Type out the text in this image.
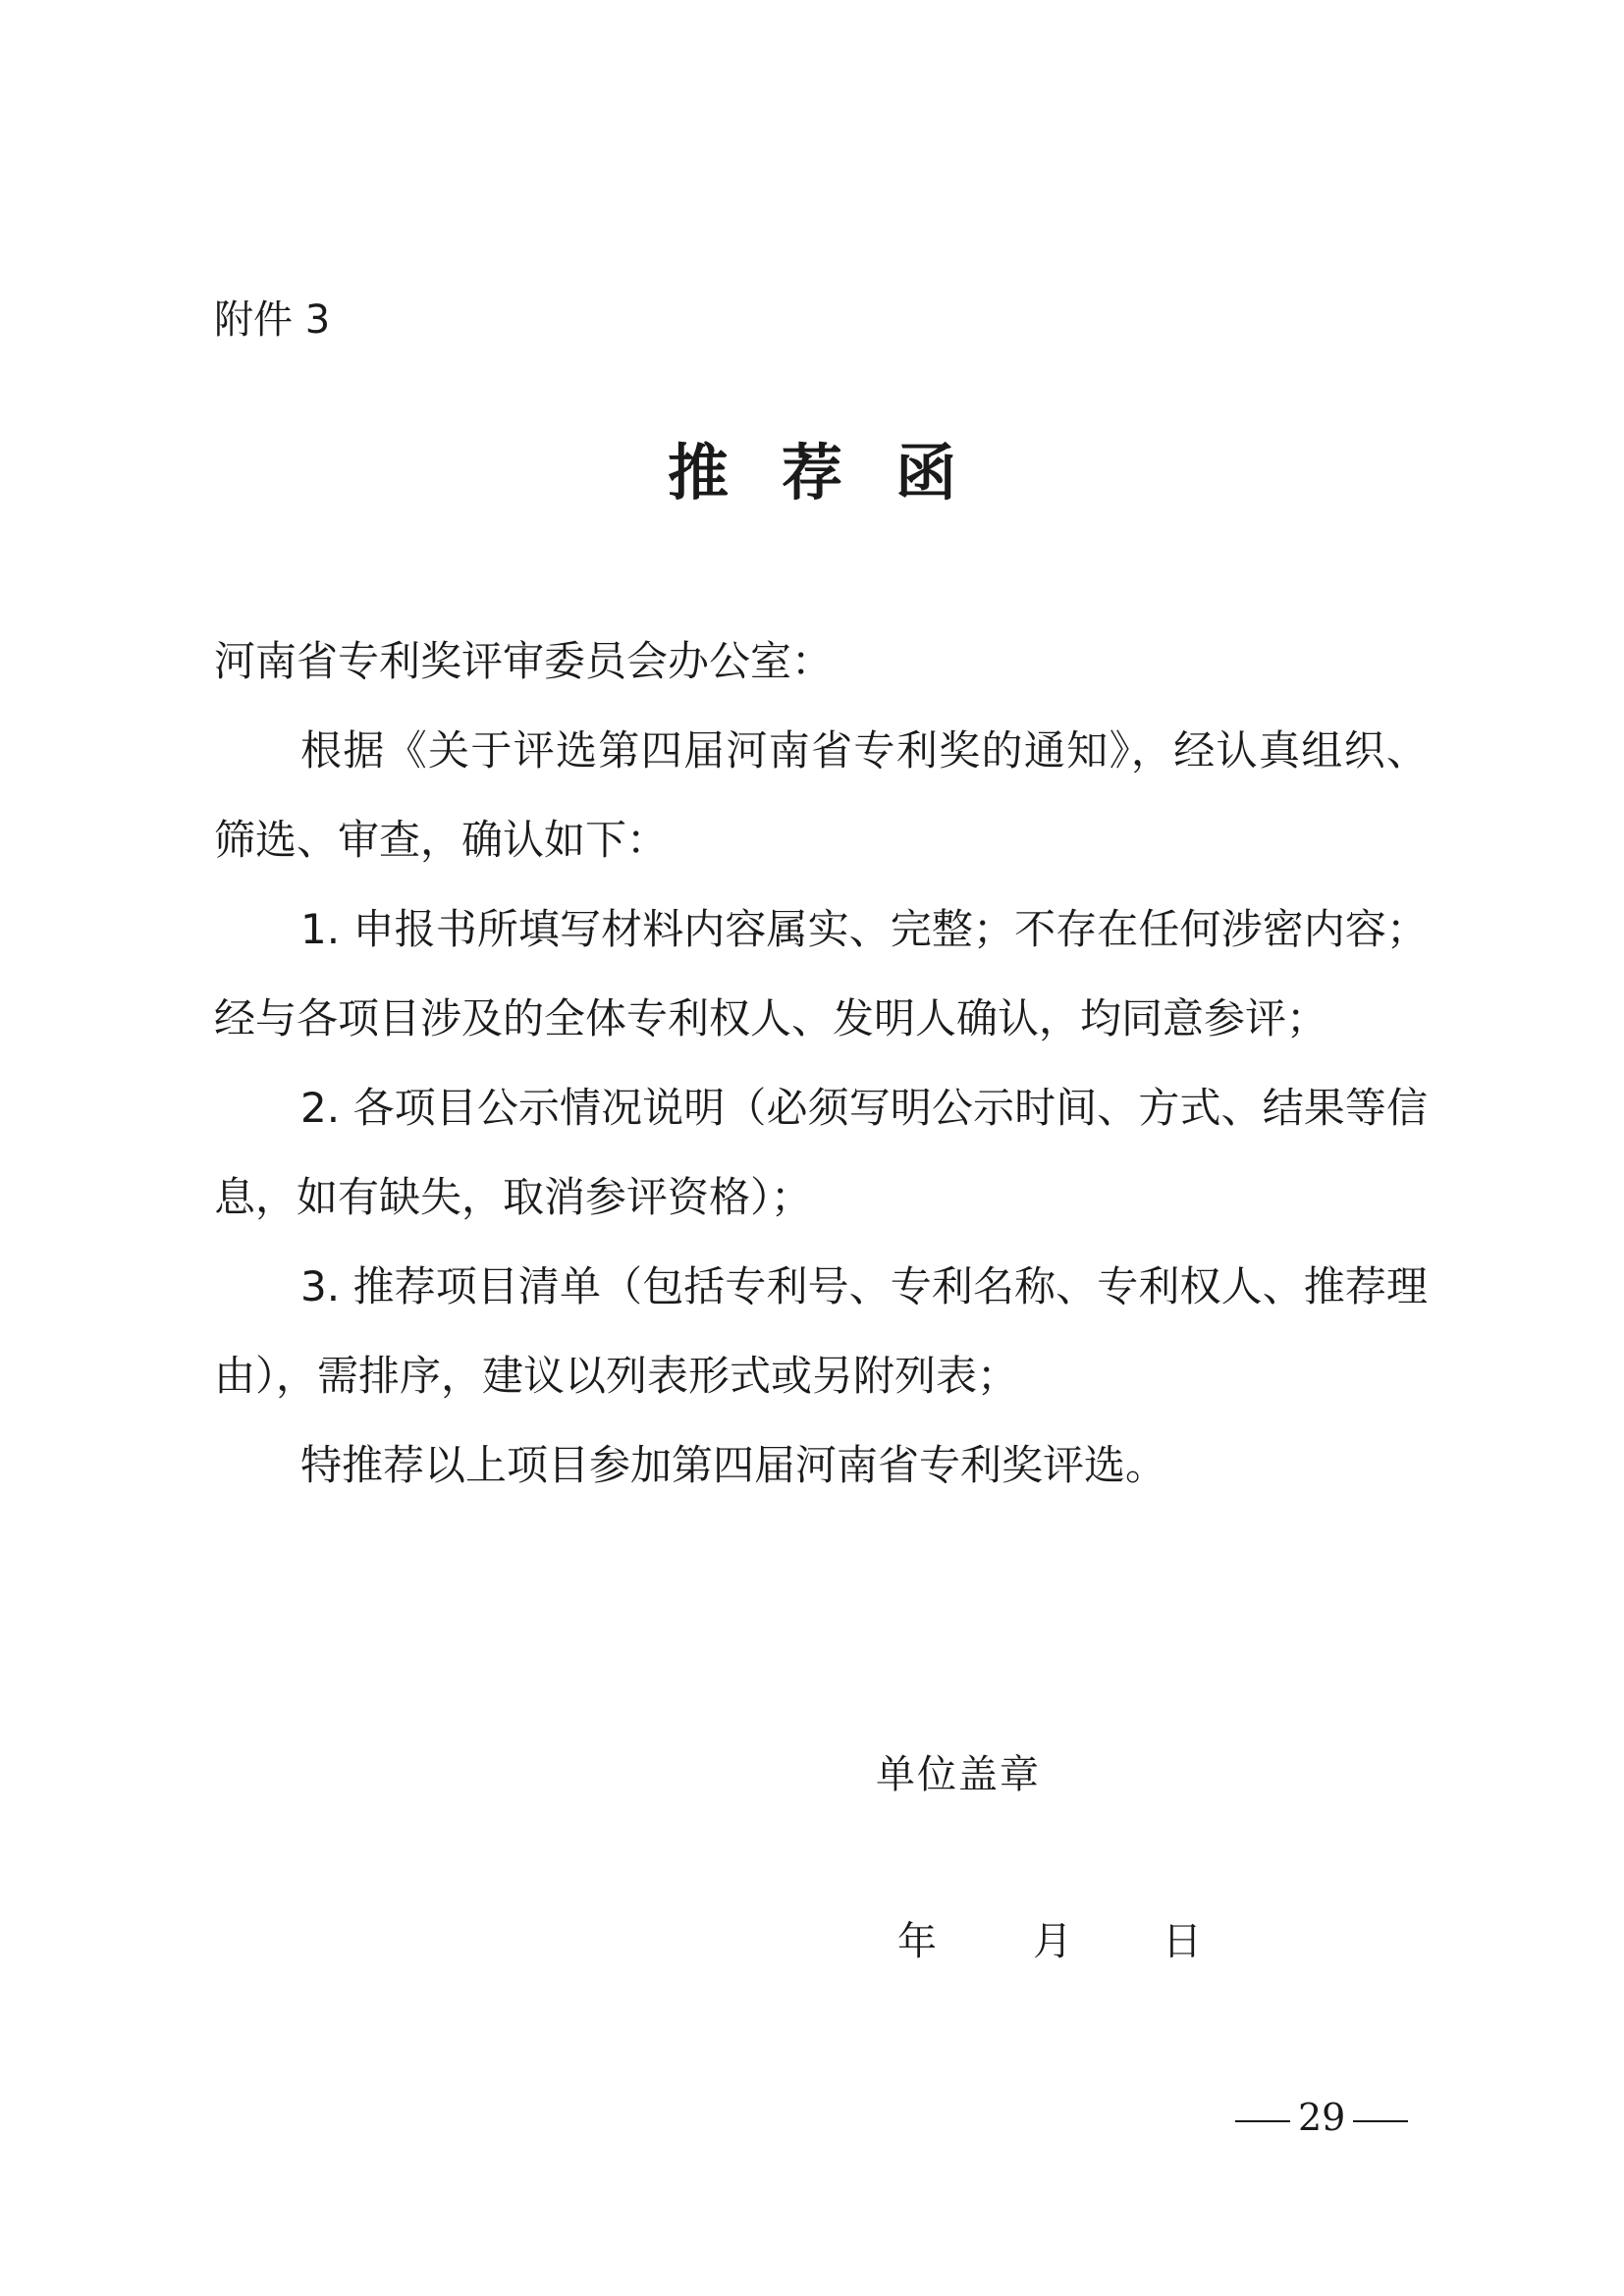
附件 3
推荐函

河南省专利奖评审委员会办公室：

根据《关于评选第四届河南省专利奖的通知》，经认真组织、筛选、审查，确认如下：

1. 申报书所填写材料内容属实、完整；不存在任何涉密内容；经与各项目涉及的全体专利权人、发明人确认，均同意参评；

2. 各项目公示情况说明（必须写明公示时间、方式、结果等信息，如有缺失，取消参评资格）；

3. 推荐项目清单（包括专利号、专利名称、专利权人、推荐理由），需排序，建议以列表形式或另附列表；

特推荐以上项目参加第四届河南省专利奖评选。

单位盖章
年 月 日
29
